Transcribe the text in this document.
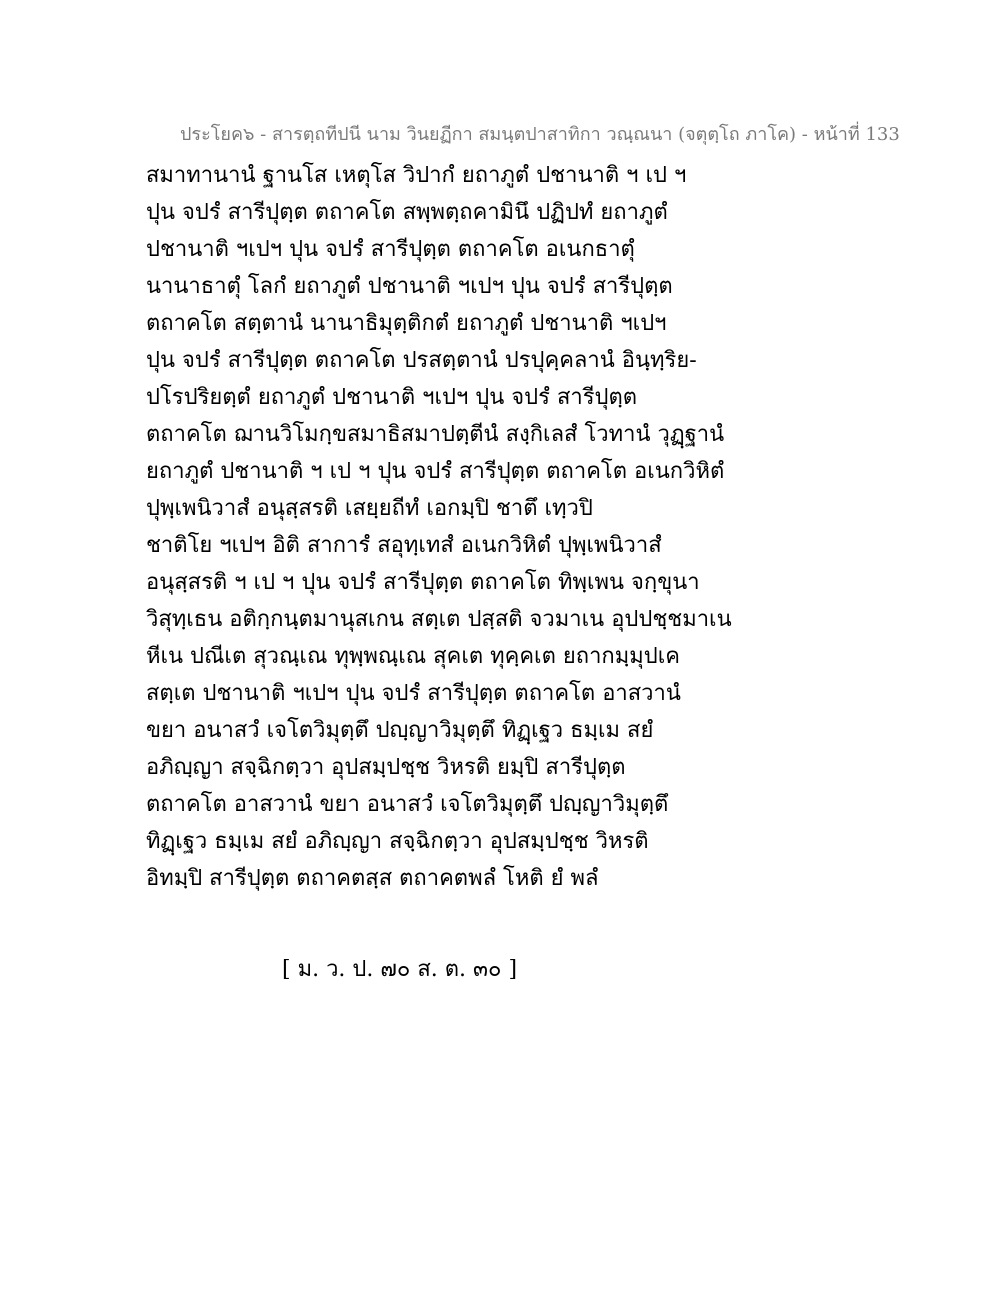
ประโยค๖ - สารตฺถทีปนี นาม วินยฏีกา สมนฺตปาสาทิกา วณฺณนา (จตุตฺโถ ภาโค) - หน้าที่ 133
สมาทานานํ ฐานโส เหตุโส วิปากํ ยถาภูตํ ปชานาติ ฯ เป ฯ
ปุน จปรํ สารีปุตฺต ตถาคโต สพฺพตฺถคามินึ ปฏิปทํ ยถาภูตํ
ปชานาติ ฯเปฯ ปุน จปรํ สารีปุตฺต ตถาคโต อเนกธาตุํ
นานาธาตุํ โลกํ ยถาภูตํ ปชานาติ ฯเปฯ ปุน จปรํ สารีปุตฺต
ตถาคโต สตฺตานํ นานาธิมุตฺติกตํ ยถาภูตํ ปชานาติ ฯเปฯ
ปุน จปรํ สารีปุตฺต ตถาคโต ปรสตฺตานํ ปรปุคฺคลานํ อินฺทฺริย-
ปโรปริยตฺตํ ยถาภูตํ ปชานาติ ฯเปฯ ปุน จปรํ สารีปุตฺต
ตถาคโต ฌานวิโมกฺขสมาธิสมาปตฺตีนํ สงฺกิเลสํ โวทานํ วุฏฺฐานํ
ยถาภูตํ ปชานาติ ฯ เป ฯ ปุน จปรํ สารีปุตฺต ตถาคโต อเนกวิหิตํ
ปุพฺเพนิวาสํ อนุสฺสรติ เสยฺยถีทํ เอกมฺปิ ชาตึ เทฺวปิ
ชาติโย ฯเปฯ อิติ สาการํ สอุทฺเทสํ อเนกวิหิตํ ปุพฺเพนิวาสํ
อนุสฺสรติ ฯ เป ฯ ปุน จปรํ สารีปุตฺต ตถาคโต ทิพฺเพน จกฺขุนา
วิสุทฺเธน อติกฺกนฺตมานุสเกน สตฺเต ปสฺสติ จวมาเน อุปปชฺชมาเน
หีเน ปณีเต สุวณฺเณ ทุพฺพณฺเณ สุคเต ทุคฺคเต ยถากมฺมุปเค
สตฺเต ปชานาติ ฯเปฯ ปุน จปรํ สารีปุตฺต ตถาคโต อาสวานํ
ขยา อนาสวํ เจโตวิมุตฺตึ ปญฺญาวิมุตฺตึ ทิฏฺเฐว ธมฺเม สยํ
อภิญฺญา สจฺฉิกตฺวา อุปสมฺปชฺช วิหรติ ยมฺปิ สารีปุตฺต
ตถาคโต อาสวานํ ขยา อนาสวํ เจโตวิมุตฺตึ ปญฺญาวิมุตฺตึ
ทิฏฺเฐว ธมฺเม สยํ อภิญฺญา สจฺฉิกตฺวา อุปสมฺปชฺช วิหรติ
อิทมฺปิ สารีปุตฺต ตถาคตสฺส ตถาคตพลํ โหติ ยํ พลํ
[ ม. ว. ป. ๗๐ ส. ต. ๓๐ ]
